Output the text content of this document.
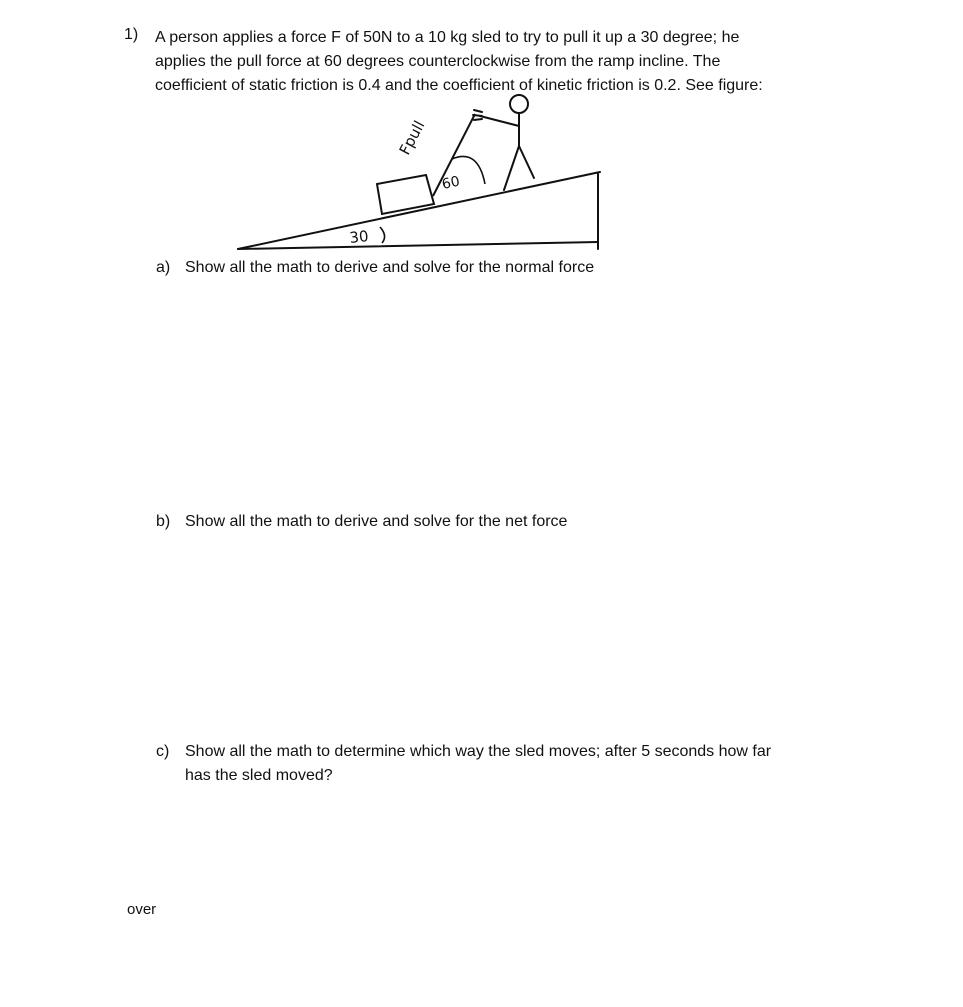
1) A person applies a force F of 50N to a 10 kg sled to try to pull it up a 30 degree; he
applies the pull force at 60 degrees counterclockwise from the ramp incline. The
coefficient of static friction is 0.4 and the coefficient of kinetic friction is 0.2. See figure:
Fpull
60
30
a) Show all the math to derive and solve for the normal force
b) Show all the math to derive and solve for the net force
c) Show all the math to determine which way the sled moves; after 5 seconds how far
has the sled moved?
over
